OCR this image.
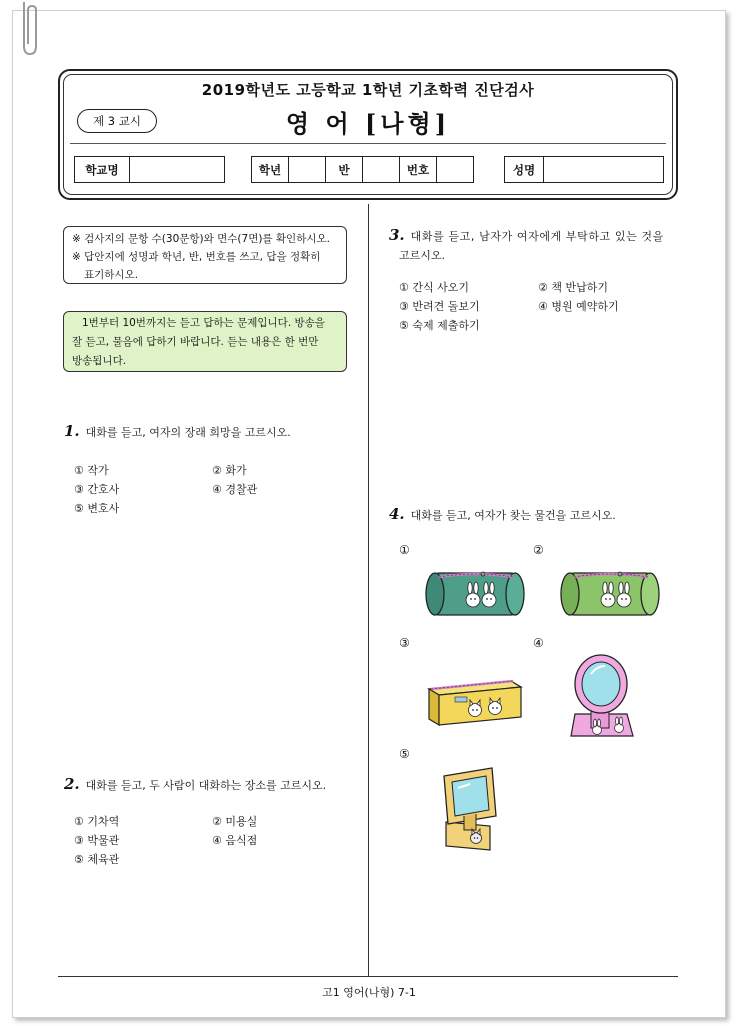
2019학년도 고등학교 1학년 기초학력 진단검사
제 3 교시	영 어 [나형]
학교명	학년	반	번호	성명
※ 검사지의 문항 수(30문항)와 면수(7면)를 확인하시오.
※ 답안지에 성명과 학년, 반, 번호를 쓰고, 답을 정확히
표기하시오.
1번부터 10번까지는 듣고 답하는 문제입니다. 방송을
잘 듣고, 물음에 답하기 바랍니다. 듣는 내용은 한 번만
방송됩니다.
1. 대화를 듣고, 여자의 장래 희망을 고르시오.
① 작가	② 화가
③ 간호사	④ 경찰관
⑤ 변호사
2. 대화를 듣고, 두 사람이 대화하는 장소를 고르시오.
① 기차역	② 미용실
③ 박물관	④ 음식점
⑤ 체육관
3. 대화를 듣고, 남자가 여자에게 부탁하고 있는 것을
고르시오.
① 간식 사오기	② 책 반납하기
③ 반려견 돌보기	④ 병원 예약하기
⑤ 숙제 제출하기
4. 대화를 듣고, 여자가 찾는 물건을 고르시오.
①	②
③	④
⑤
고1 영어(나형) 7-1
